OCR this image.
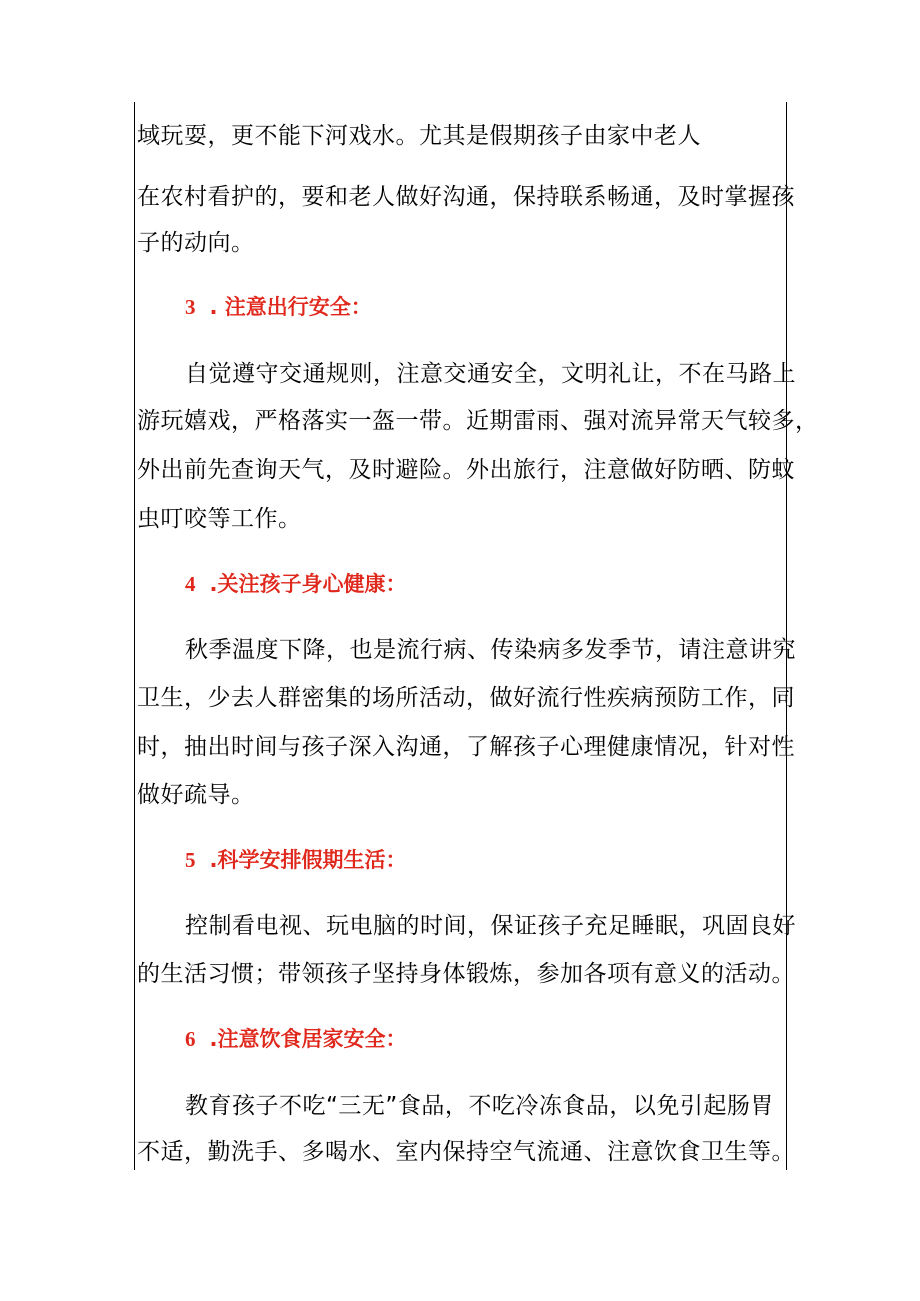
域玩耍，更不能下河戏水。尤其是假期孩子由家中老人
在农村看护的，要和老人做好沟通，保持联系畅通，及时掌握孩
子的动向。
3 . 注意出行安全：
自觉遵守交通规则，注意交通安全，文明礼让，不在马路上
游玩嬉戏，严格落实一盔一带。近期雷雨、强对流异常天气较多，
外出前先查询天气，及时避险。外出旅行，注意做好防晒、防蚊
虫叮咬等工作。
4 .关注孩子身心健康：
秋季温度下降，也是流行病、传染病多发季节，请注意讲究
卫生，少去人群密集的场所活动，做好流行性疾病预防工作，同
时，抽出时间与孩子深入沟通，了解孩子心理健康情况，针对性
做好疏导。
5 .科学安排假期生活：
控制看电视、玩电脑的时间，保证孩子充足睡眠，巩固良好
的生活习惯；带领孩子坚持身体锻炼，参加各项有意义的活动。
6 .注意饮食居家安全：
教育孩子不吃“三无”食品，不吃冷冻食品，以免引起肠胃
不适，勤洗手、多喝水、室内保持空气流通、注意饮食卫生等。
